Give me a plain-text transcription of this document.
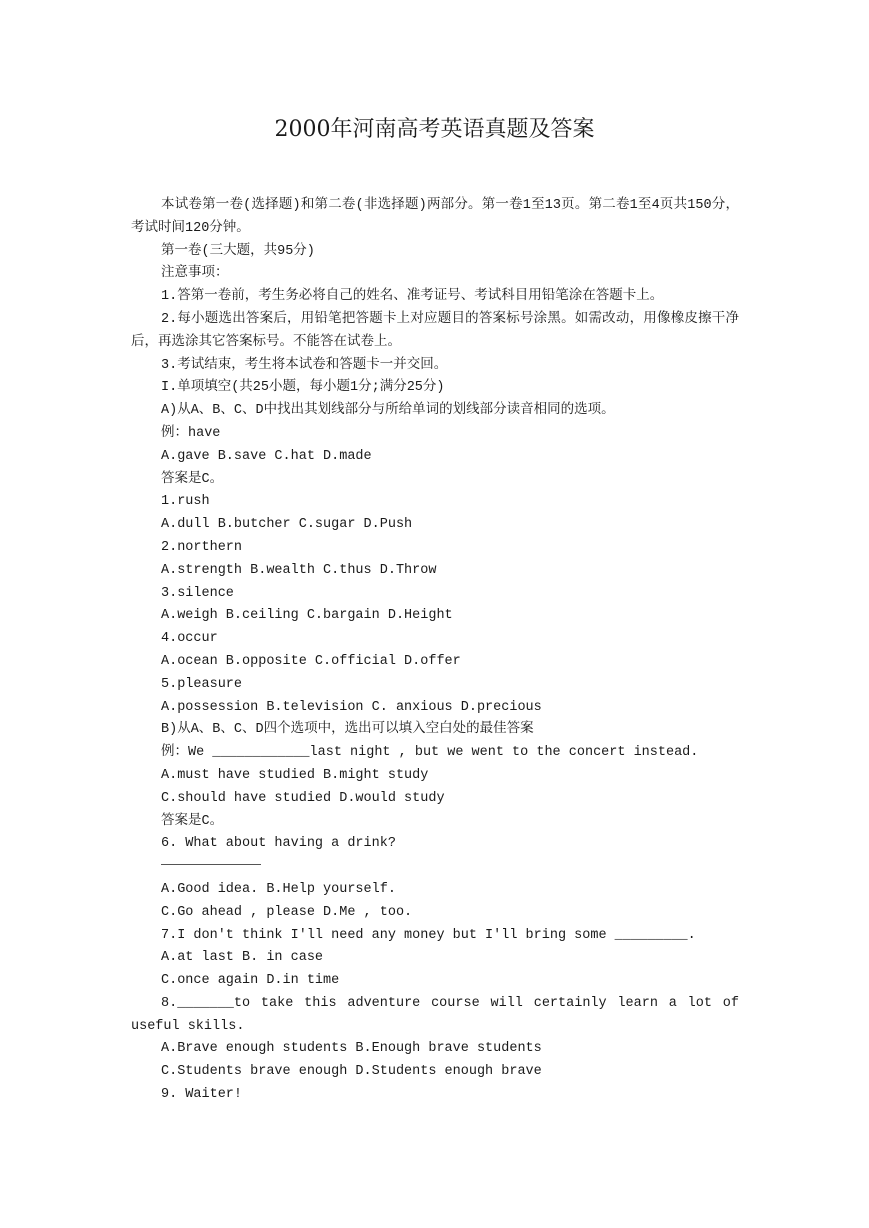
2000年河南高考英语真题及答案

本试卷第一卷(选择题)和第二卷(非选择题)两部分。第一卷1至13页。第二卷1至4页共150分，考试时间120分钟。

第一卷(三大题，共95分)

注意事项：

1.答第一卷前，考生务必将自己的姓名、准考证号、考试科目用铅笔涂在答题卡上。

2.每小题选出答案后，用铅笔把答题卡上对应题目的答案标号涂黑。如需改动，用像橡皮擦干净后，再选涂其它答案标号。不能答在试卷上。

3.考试结束，考生将本试卷和答题卡一并交回。

I.单项填空(共25小题，每小题1分;满分25分)

A)从A、B、C、D中找出其划线部分与所给单词的划线部分读音相同的选项。

例：have

A.gave B.save C.hat D.made

答案是C。

1.rush

A.dull B.butcher C.sugar D.Push

2.northern

A.strength B.wealth C.thus D.Throw

3.silence

A.weigh B.ceiling C.bargain D.Height

4.occur

A.ocean B.opposite C.official D.offer

5.pleasure

A.possession B.television C. anxious D.precious

B)从A、B、C、D四个选项中，选出可以填入空白处的最佳答案

例：We ____________last night , but we went to the concert instead.

A.must have studied B.might study

C.should have studied D.would study

答案是C。

6. What about having a drink?

A.Good idea. B.Help yourself.

C.Go ahead , please D.Me , too.

7.I don't think I'll need any money but I'll bring some _________.

A.at last B. in case

C.once again D.in time

8._______to take this adventure course will certainly learn a lot of useful skills.

A.Brave enough students B.Enough brave students

C.Students brave enough D.Students enough brave

9. Waiter!
